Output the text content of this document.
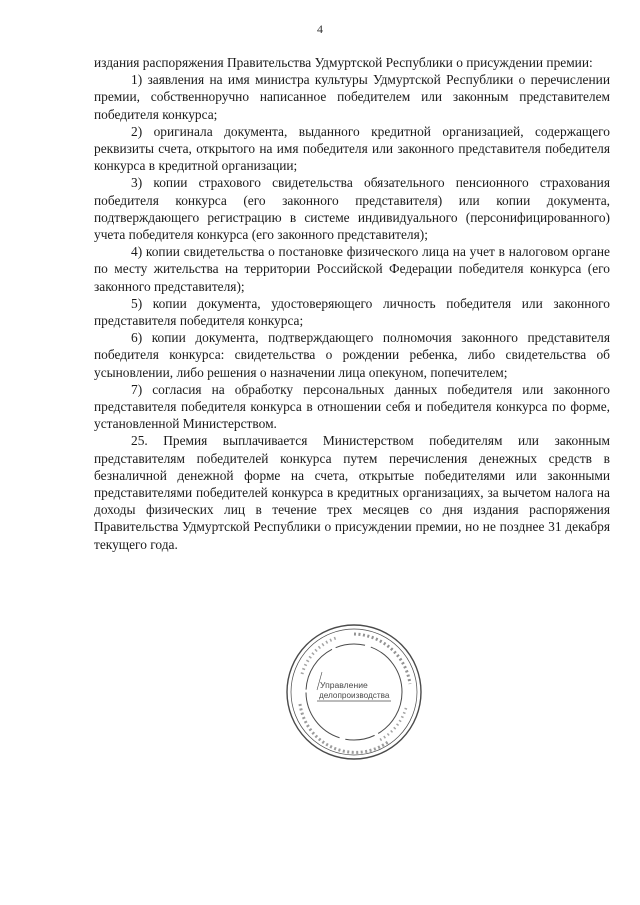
4

издания распоряжения Правительства Удмуртской Республики о присуждении премии:

1) заявления на имя министра культуры Удмуртской Республики о перечислении премии, собственноручно написанное победителем или законным представителем победителя конкурса;

2) оригинала документа, выданного кредитной организацией, содержащего реквизиты счета, открытого на имя победителя или законного представителя победителя конкурса в кредитной организации;

3) копии страхового свидетельства обязательного пенсионного страхования победителя конкурса (его законного представителя) или копии документа, подтверждающего регистрацию в системе индивидуального (персонифицированного) учета победителя конкурса (его законного представителя);

4) копии свидетельства о постановке физического лица на учет в налоговом органе по месту жительства на территории Российской Федерации победителя конкурса (его законного представителя);

5) копии документа, удостоверяющего личность победителя или законного представителя победителя конкурса;

6) копии документа, подтверждающего полномочия законного представителя победителя конкурса: свидетельства о рождении ребенка, либо свидетельства об усыновлении, либо решения о назначении лица опекуном, попечителем;

7) согласия на обработку персональных данных победителя или законного представителя победителя конкурса в отношении себя и победителя конкурса по форме, установленной Министерством.

25. Премия выплачивается Министерством победителям или законным представителям победителей конкурса путем перечисления денежных средств в безналичной денежной форме на счета, открытые победителями или законными представителями победителей конкурса в кредитных организациях, за вычетом налога на доходы физических лиц в течение трех месяцев со дня издания распоряжения Правительства Удмуртской Республики о присуждении премии, но не позднее 31 декабря текущего года.

Управление
делопроизводства
